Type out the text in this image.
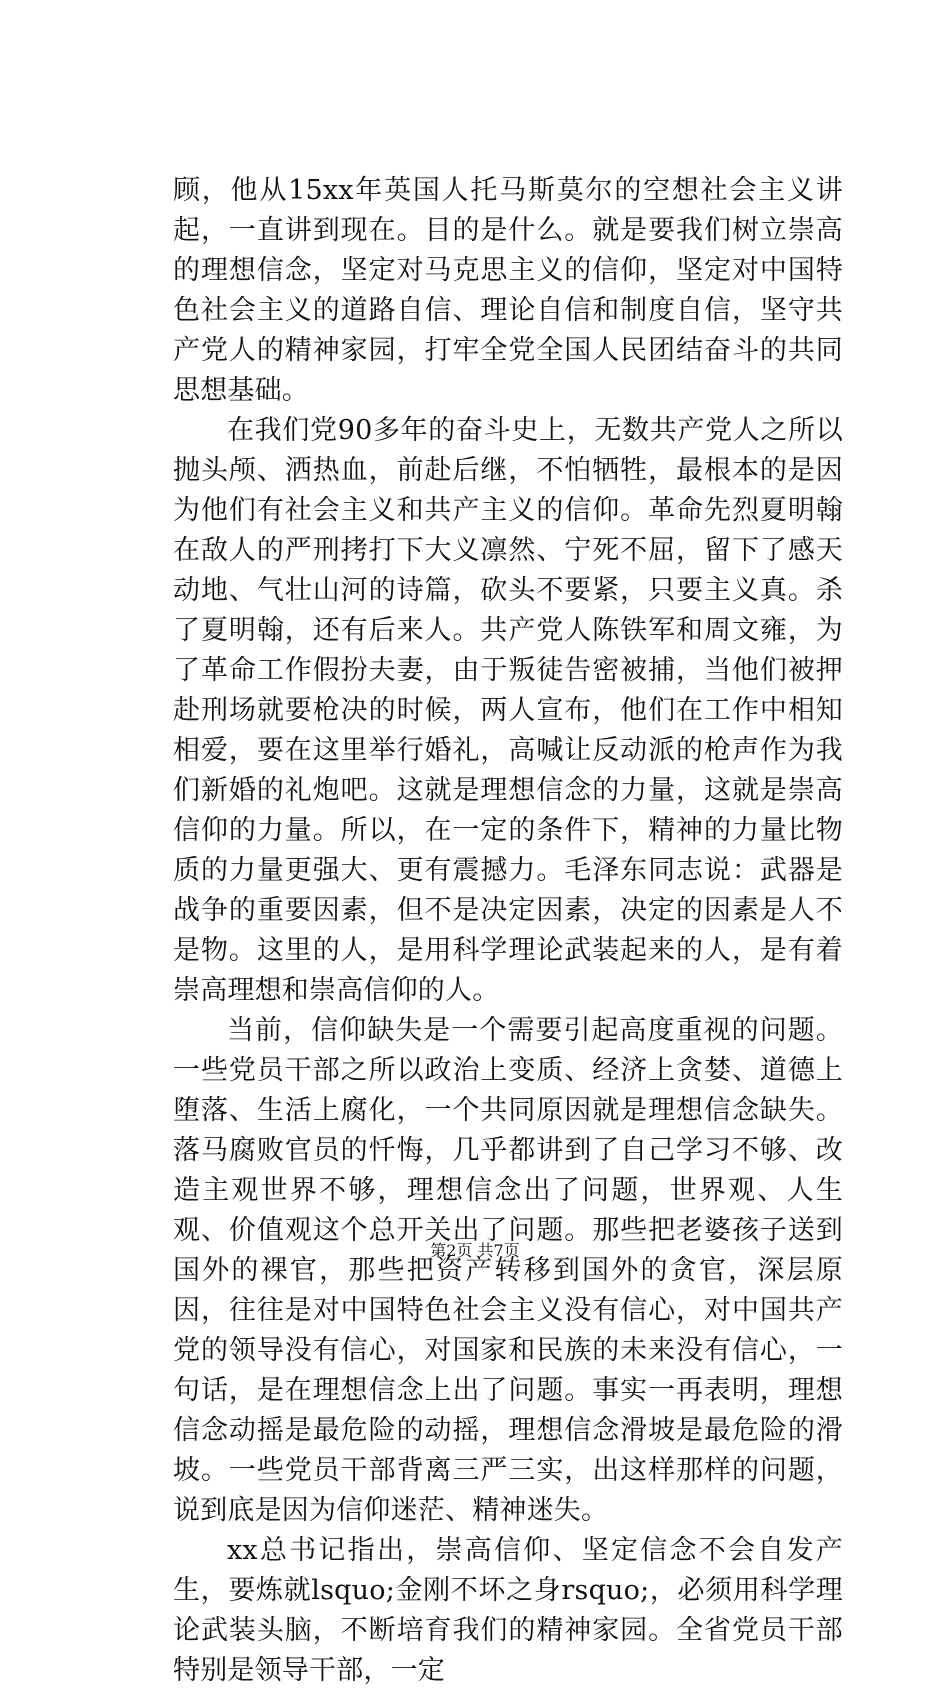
顾，他从15xx年英国人托马斯莫尔的空想社会主义讲起，一直讲到现在。目的是什么。就是要我们树立崇高的理想信念，坚定对马克思主义的信仰，坚定对中国特色社会主义的道路自信、理论自信和制度自信，坚守共产党人的精神家园，打牢全党全国人民团结奋斗的共同思想基础。

在我们党90多年的奋斗史上，无数共产党人之所以抛头颅、洒热血，前赴后继，不怕牺牲，最根本的是因为他们有社会主义和共产主义的信仰。革命先烈夏明翰在敌人的严刑拷打下大义凛然、宁死不屈，留下了感天动地、气壮山河的诗篇，砍头不要紧，只要主义真。杀了夏明翰，还有后来人。共产党人陈铁军和周文雍，为了革命工作假扮夫妻，由于叛徒告密被捕，当他们被押赴刑场就要枪决的时候，两人宣布，他们在工作中相知相爱，要在这里举行婚礼，高喊让反动派的枪声作为我们新婚的礼炮吧。这就是理想信念的力量，这就是崇高信仰的力量。所以，在一定的条件下，精神的力量比物质的力量更强大、更有震撼力。毛泽东同志说：武器是战争的重要因素，但不是决定因素，决定的因素是人不是物。这里的人，是用科学理论武装起来的人，是有着崇高理想和崇高信仰的人。

当前，信仰缺失是一个需要引起高度重视的问题。一些党员干部之所以政治上变质、经济上贪婪、道德上堕落、生活上腐化，一个共同原因就是理想信念缺失。落马腐败官员的忏悔，几乎都讲到了自己学习不够、改造主观世界不够，理想信念出了问题，世界观、人生观、价值观这个总开关出了问题。那些把老婆孩子送到国外的裸官，那些把资产转移到国外的贪官，深层原因，往往是对中国特色社会主义没有信心，对中国共产党的领导没有信心，对国家和民族的未来没有信心，一句话，是在理想信念上出了问题。事实一再表明，理想信念动摇是最危险的动摇，理想信念滑坡是最危险的滑坡。一些党员干部背离三严三实，出这样那样的问题，说到底是因为信仰迷茫、精神迷失。

xx总书记指出，崇高信仰、坚定信念不会自发产生，要炼就lsquo;金刚不坏之身rsquo;，必须用科学理论武装头脑，不断培育我们的精神家园。全省党员干部特别是领导干部，一定

第2页 共7页
